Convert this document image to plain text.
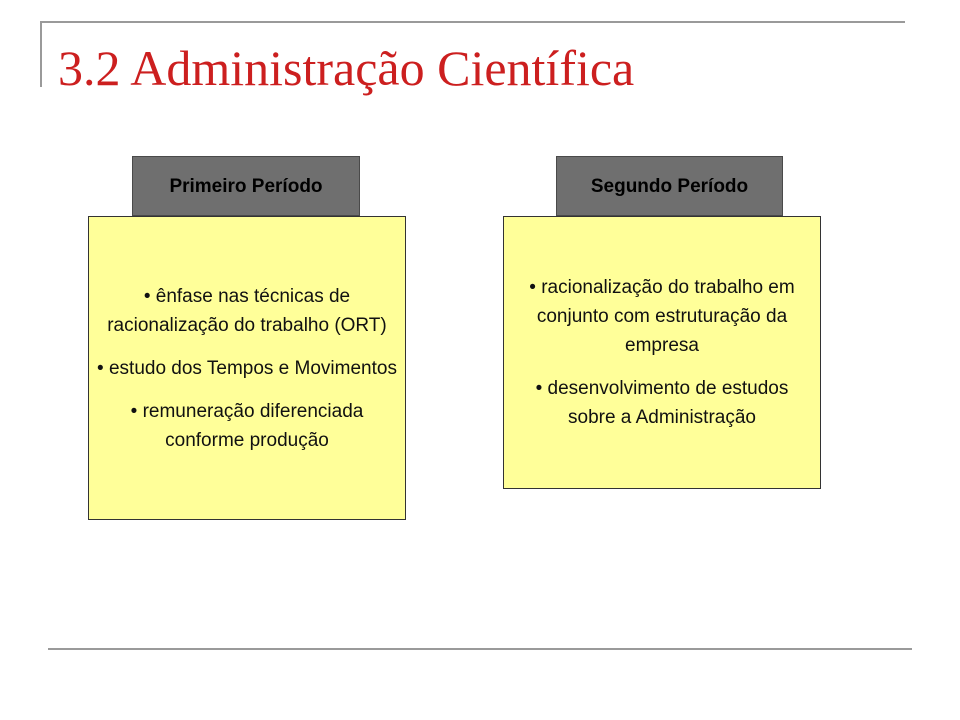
3.2 Administração Científica
Primeiro Período

• ênfase nas técnicas de racionalização do trabalho (ORT)

• estudo dos Tempos e Movimentos

• remuneração diferenciada conforme produção

Segundo Período

• racionalização do trabalho em conjunto com estruturação da empresa

• desenvolvimento de estudos sobre a Administração
